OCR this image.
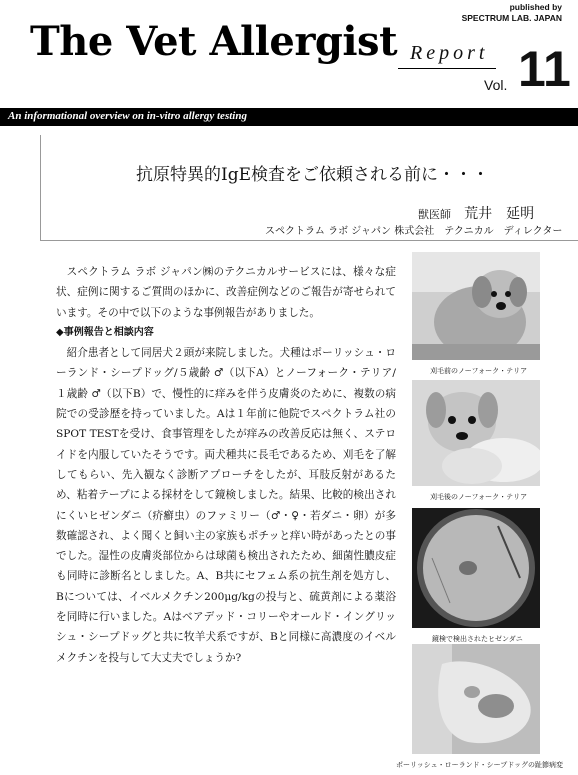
The Vet Allergist
published by
SPECTRUM LAB. JAPAN
Report
Vol. 11
An informational overview on in-vitro allergy testing
抗原特異的IgE検査をご依頼される前に・・・
獣医師 荒井　延明
スペクトラム ラボ ジャパン 株式会社　テクニカル　ディレクター

スペクトラム ラボ ジャパン㈱のテクニカルサービスには、様々な症状、症例に関するご質問のほかに、改善症例などのご報告が寄せられています。その中で以下のような事例報告がありました。

◆事例報告と相談内容

紹介患者として同居犬２頭が来院しました。犬種はポーリッシュ・ローランド・シープドッグ/５歳齢 ♂（以下A）とノーフォーク・テリア/１歳齢 ♂（以下B）で、慢性的に痒みを伴う皮膚炎のために、複数の病院での受診歴を持っていました。Aは１年前に他院でスペクトラム社のSPOT TESTを受け、食事管理をしたが痒みの改善反応は無く、ステロイドを内服していたそうです。両犬種共に長毛であるため、刈毛を了解してもらい、先入観なく診断アプローチをしたが、耳肢反射があるため、粘着テープによる採材をして鏡検しました。結果、比較的検出されにくいヒゼンダニ（疥癬虫）のファミリー（♂・♀・若ダニ・卵）が多数確認され、よく聞くと飼い主の家族もポチッと痒い時があったとの事でした。湿性の皮膚炎部位からは球菌も検出されたため、細菌性膿皮症も同時に診断名としました。A、B共にセフェム系の抗生剤を処方し、Bについては、イベルメクチン200μg/kgの投与と、硫黄剤による薬浴を同時に行いました。Aはベアデッド・コリーやオールド・イングリッシュ・シープドッグと共に牧羊犬系ですが、Bと同様に高濃度のイベルメクチンを投与して大丈夫でしょうか?

刈毛前のノーフォーク・テリア
刈毛後のノーフォーク・テリア
鏡検で検出されたヒゼンダニ
ポーリッシュ・ローランド・シープドッグの趾節病変
